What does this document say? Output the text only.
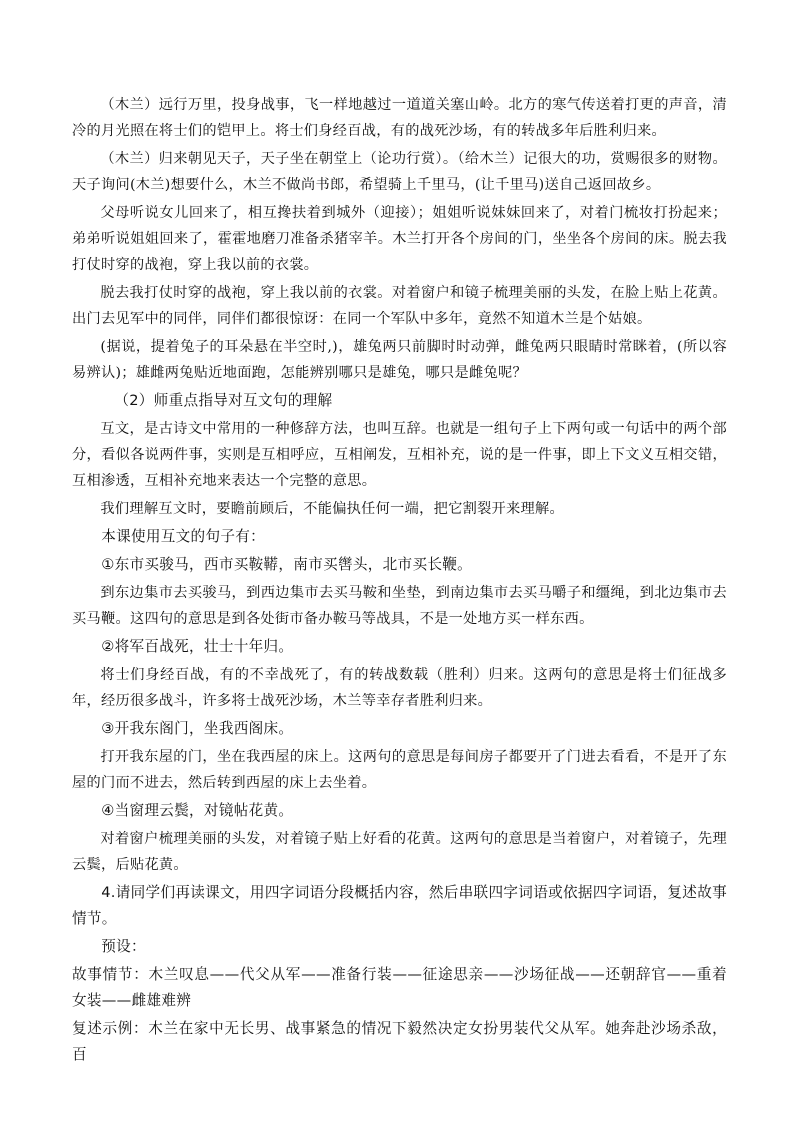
（木兰）远行万里，投身战事，飞一样地越过一道道关塞山岭。北方的寒气传送着打更的声音，清冷的月光照在将士们的铠甲上。将士们身经百战，有的战死沙场，有的转战多年后胜利归来。

（木兰）归来朝见天子，天子坐在朝堂上（论功行赏）。（给木兰）记很大的功，赏赐很多的财物。天子询问(木兰)想要什么，木兰不做尚书郎，希望骑上千里马，(让千里马)送自己返回故乡。

父母听说女儿回来了，相互搀扶着到城外（迎接）；姐姐听说妹妹回来了，对着门梳妆打扮起来；弟弟听说姐姐回来了，霍霍地磨刀准备杀猪宰羊。木兰打开各个房间的门，坐坐各个房间的床。脱去我打仗时穿的战袍，穿上我以前的衣裳。

脱去我打仗时穿的战袍，穿上我以前的衣裳。对着窗户和镜子梳理美丽的头发，在脸上贴上花黄。出门去见军中的同伴，同伴们都很惊讶：在同一个军队中多年，竟然不知道木兰是个姑娘。

(据说，提着兔子的耳朵悬在半空时,)，雄兔两只前脚时时动弹，雌兔两只眼睛时常眯着，(所以容易辨认)；雄雌两兔贴近地面跑，怎能辨别哪只是雄兔，哪只是雌兔呢？

（2）师重点指导对互文句的理解

互文，是古诗文中常用的一种修辞方法，也叫互辞。也就是一组句子上下两句或一句话中的两个部分，看似各说两件事，实则是互相呼应，互相阐发，互相补充，说的是一件事，即上下文义互相交错，互相渗透，互相补充地来表达一个完整的意思。

我们理解互文时，要瞻前顾后，不能偏执任何一端，把它割裂开来理解。

本课使用互文的句子有：

①东市买骏马，西市买鞍鞯，南市买辔头，北市买长鞭。

到东边集市去买骏马，到西边集市去买马鞍和坐垫，到南边集市去买马嚼子和缰绳，到北边集市去买马鞭。这四句的意思是到各处街市备办鞍马等战具，不是一处地方买一样东西。

②将军百战死，壮士十年归。

将士们身经百战，有的不幸战死了，有的转战数载（胜利）归来。这两句的意思是将士们征战多年，经历很多战斗，许多将士战死沙场，木兰等幸存者胜利归来。

③开我东阁门，坐我西阁床。

打开我东屋的门，坐在我西屋的床上。这两句的意思是每间房子都要开了门进去看看，不是开了东屋的门而不进去，然后转到西屋的床上去坐着。

④当窗理云鬓，对镜帖花黄。

对着窗户梳理美丽的头发，对着镜子贴上好看的花黄。这两句的意思是当着窗户，对着镜子，先理云鬓，后贴花黄。

4.请同学们再读课文，用四字词语分段概括内容，然后串联四字词语或依据四字词语，复述故事情节。

预设：

故事情节：木兰叹息——代父从军——准备行装——征途思亲——沙场征战——还朝辞官——重着女装——雌雄难辨

复述示例：木兰在家中无长男、战事紧急的情况下毅然决定女扮男装代父从军。她奔赴沙场杀敌，百
